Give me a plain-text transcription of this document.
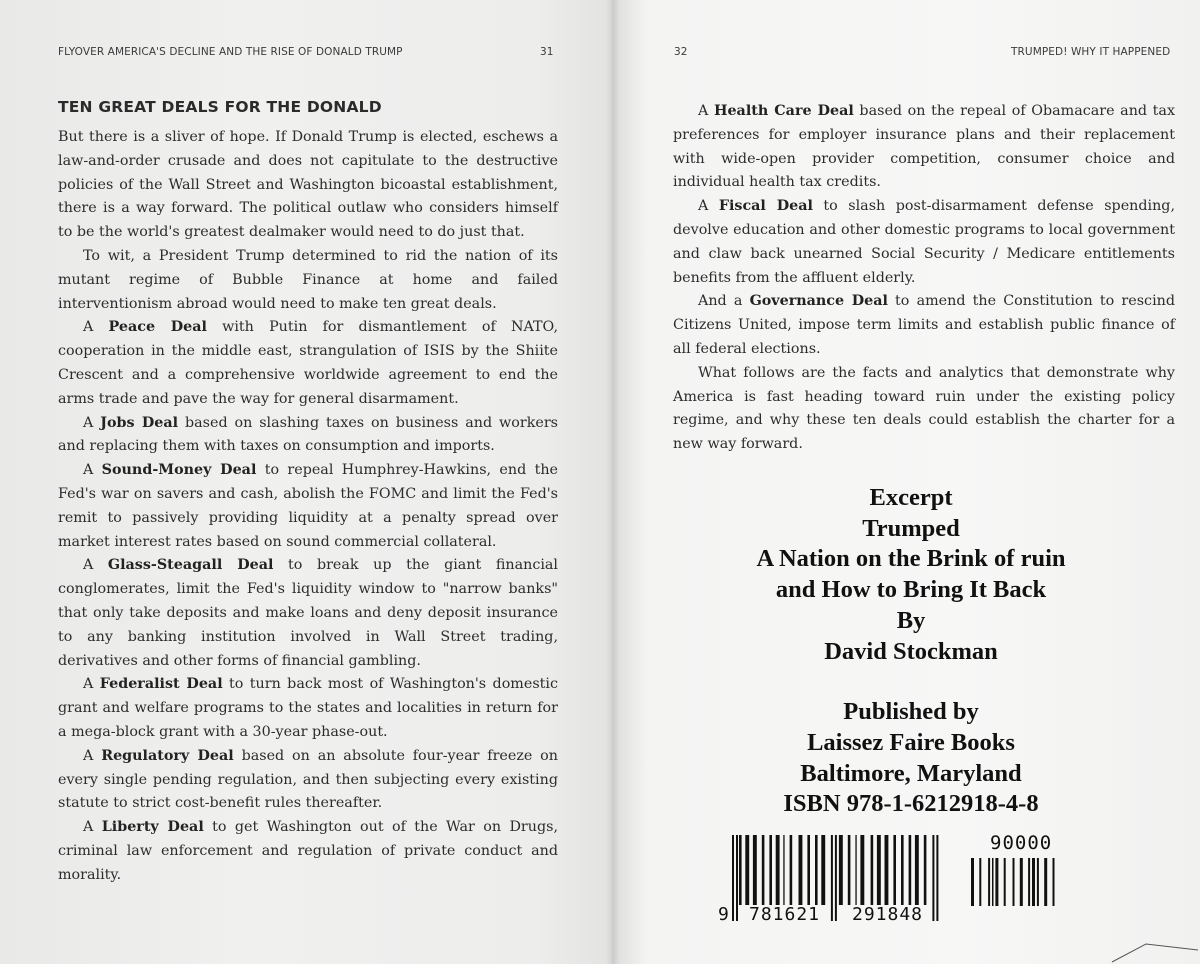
FLYOVER AMERICA'S DECLINE AND THE RISE OF DONALD TRUMP	31
TEN GREAT DEALS FOR THE DONALD

But there is a sliver of hope. If Donald Trump is elected, eschews a law-and-order crusade and does not capitulate to the destructive policies of the Wall Street and Washington bicoastal establishment, there is a way forward. The political outlaw who considers himself to be the world's greatest dealmaker would need to do just that.

To wit, a President Trump determined to rid the nation of its mutant regime of Bubble Finance at home and failed interventionism abroad would need to make ten great deals.

A Peace Deal with Putin for dismantlement of NATO, cooperation in the middle east, strangulation of ISIS by the Shiite Crescent and a comprehensive worldwide agreement to end the arms trade and pave the way for general disarmament.

A Jobs Deal based on slashing taxes on business and workers and replacing them with taxes on consumption and imports.

A Sound-Money Deal to repeal Humphrey-Hawkins, end the Fed's war on savers and cash, abolish the FOMC and limit the Fed's remit to passively providing liquidity at a penalty spread over market interest rates based on sound commercial collateral.

A Glass-Steagall Deal to break up the giant financial conglomerates, limit the Fed's liquidity window to "narrow banks" that only take deposits and make loans and deny deposit insurance to any banking institution involved in Wall Street trading, derivatives and other forms of financial gambling.

A Federalist Deal to turn back most of Washington's domestic grant and welfare programs to the states and localities in return for a mega-block grant with a 30-year phase-out.

A Regulatory Deal based on an absolute four-year freeze on every single pending regulation, and then subjecting every existing statute to strict cost-benefit rules thereafter.

A Liberty Deal to get Washington out of the War on Drugs, criminal law enforcement and regulation of private conduct and morality.

32	TRUMPED! WHY IT HAPPENED

A Health Care Deal based on the repeal of Obamacare and tax preferences for employer insurance plans and their replacement with wide-open provider competition, consumer choice and individual health tax credits.

A Fiscal Deal to slash post-disarmament defense spending, devolve education and other domestic programs to local government and claw back unearned Social Security / Medicare entitlements benefits from the affluent elderly.

And a Governance Deal to amend the Constitution to rescind Citizens United, impose term limits and establish public finance of all federal elections.

What follows are the facts and analytics that demonstrate why America is fast heading toward ruin under the existing policy regime, and why these ten deals could establish the charter for a new way forward.

Excerpt
Trumped
A Nation on the Brink of ruin
and How to Bring It Back
By
David Stockman
Published by
Laissez Faire Books
Baltimore, Maryland
ISBN 978-1-6212918-4-8
90000
9 781621 291848
